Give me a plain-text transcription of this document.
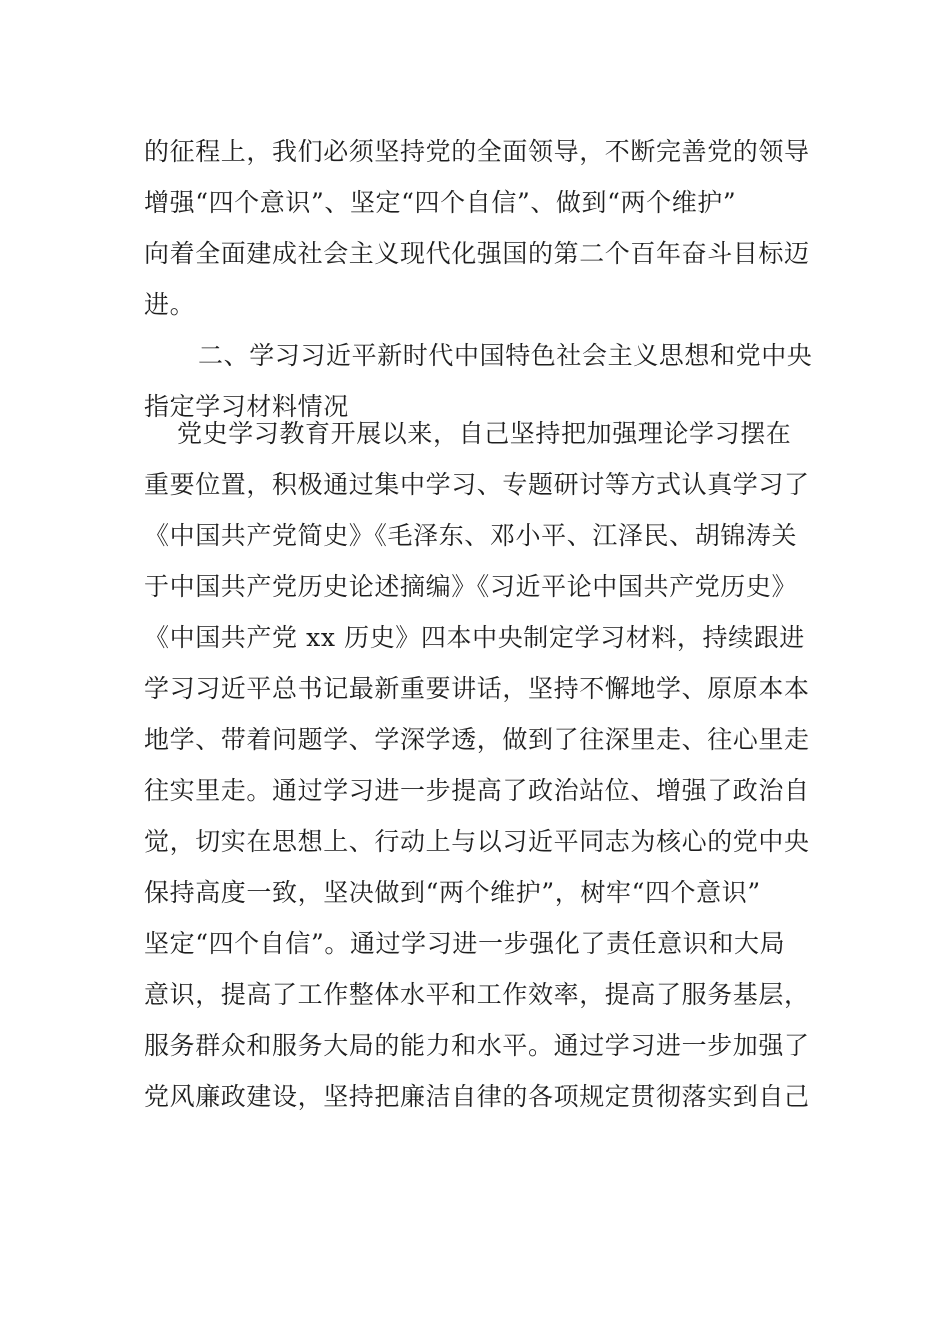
的征程上，我们必须坚持党的全面领导，不断完善党的领导
增强“四个意识”、坚定“四个自信”、做到“两个维护”
向着全面建成社会主义现代化强国的第二个百年奋斗目标迈
进。
二、学习习近平新时代中国特色社会主义思想和党中央
指定学习材料情况
党史学习教育开展以来，自己坚持把加强理论学习摆在
重要位置，积极通过集中学习、专题研讨等方式认真学习了
《中国共产党简史》《毛泽东、邓小平、江泽民、胡锦涛关
于中国共产党历史论述摘编》《习近平论中国共产党历史》
《中国共产党 xx 历史》四本中央制定学习材料，持续跟进
学习习近平总书记最新重要讲话，坚持不懈地学、原原本本
地学、带着问题学、学深学透，做到了往深里走、往心里走
往实里走。通过学习进一步提高了政治站位、增强了政治自
觉，切实在思想上、行动上与以习近平同志为核心的党中央
保持高度一致，坚决做到“两个维护”，树牢“四个意识”
坚定“四个自信”。通过学习进一步强化了责任意识和大局
意识，提高了工作整体水平和工作效率，提高了服务基层，
服务群众和服务大局的能力和水平。通过学习进一步加强了
党风廉政建设，坚持把廉洁自律的各项规定贯彻落实到自己
